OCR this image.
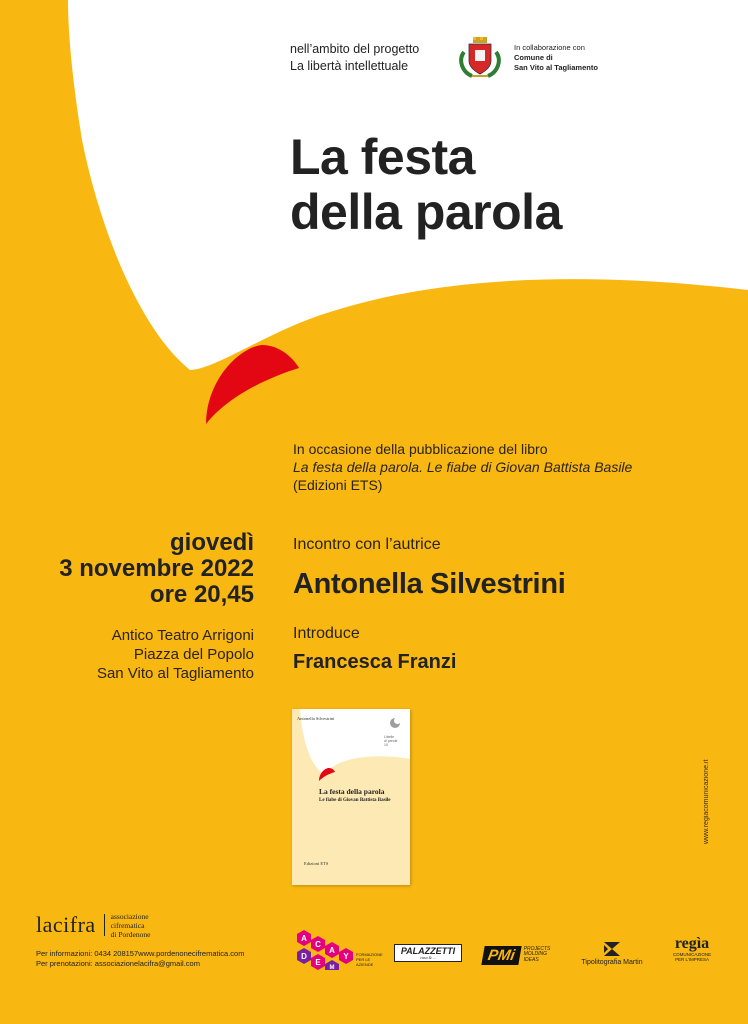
nell’ambito del progetto
La libertà intellettuale
In collaborazione con
Comune di
San Vito al Tagliamento
La festa
della parola
In occasione della pubblicazione del libro
La festa della parola. Le fiabe di Giovan Battista Basile
(Edizioni ETS)
giovedì
3 novembre 2022
ore 20,45
Antico Teatro Arrigoni
Piazza del Popolo
San Vito al Tagliamento
Incontro con l’autrice
Antonella Silvestrini
Introduce
Francesca Franzi
Antonella Silvestrini
Libelle
di parole
10
La festa della parola
Le fiabe di Giovan Battista Basile
Edizioni ETS
www.regiacomunicazione.it
lacifra associazione
cifrematica
di Pordenone
Per informazioni: 0434 208157www.pordenonecifrematica.com
Per prenotazioni: associazionelacifra@gmail.com
A
C
A
D
E
M
Y FORMAZIONE
PER LE
AZIENDE
PALAZZETTI
casa & ...	PMi	PROJECTS
MOLDING
IDEAS	Tipolitografia Martin
regìa
COMUNICAZIONE
PER L’IMPRESA
